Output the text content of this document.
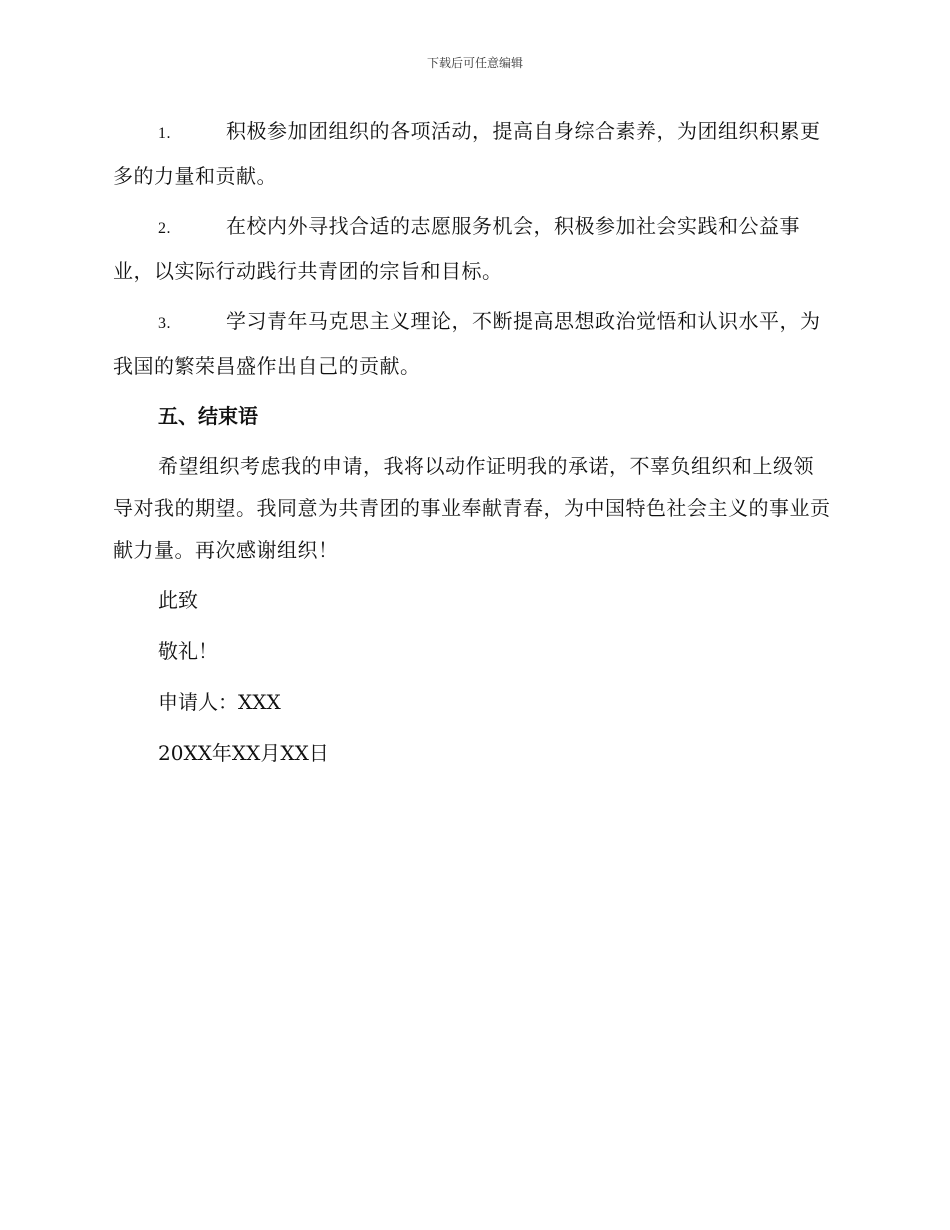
下载后可任意编辑
1.	积极参加团组织的各项活动，提高自身综合素养，为团组织积累更多的力量和贡献。
2.	在校内外寻找合适的志愿服务机会，积极参加社会实践和公益事业，以实际行动践行共青团的宗旨和目标。
3.	学习青年马克思主义理论，不断提高思想政治觉悟和认识水平，为我国的繁荣昌盛作出自己的贡献。
五、结束语
希望组织考虑我的申请，我将以动作证明我的承诺，不辜负组织和上级领导对我的期望。我同意为共青团的事业奉献青春，为中国特色社会主义的事业贡献力量。再次感谢组织！
此致
敬礼！
申请人：XXX
20XX年XX月XX日
